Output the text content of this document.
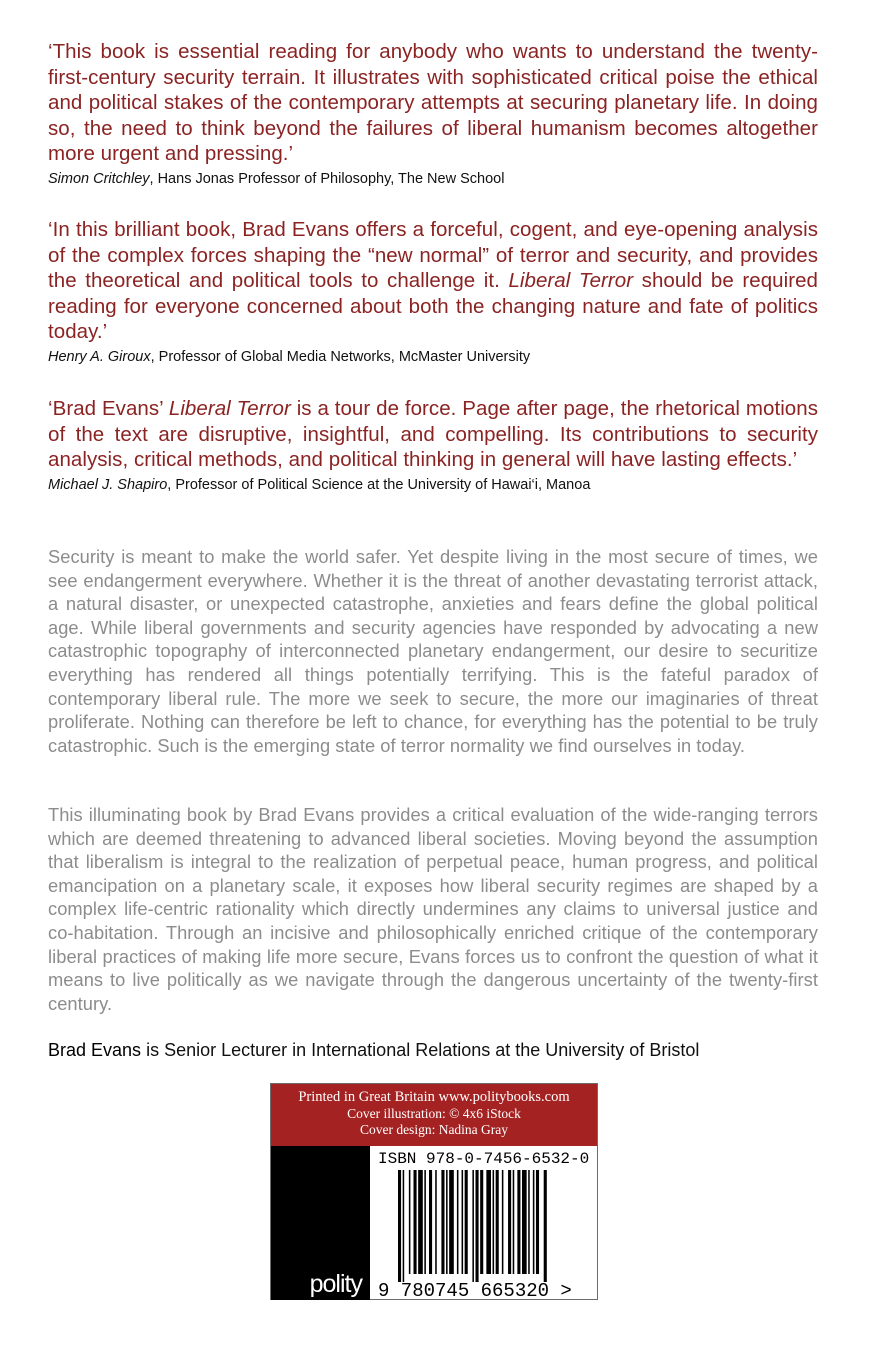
‘This book is essential reading for anybody who wants to understand the twenty-first-century security terrain. It illustrates with sophisticated critical poise the ethical and political stakes of the contemporary attempts at securing planetary life. In doing so, the need to think beyond the failures of liberal humanism becomes altogether more urgent and pressing.’

Simon Critchley, Hans Jonas Professor of Philosophy, The New School

‘In this brilliant book, Brad Evans offers a forceful, cogent, and eye-opening analysis of the complex forces shaping the “new normal” of terror and security, and provides the theoretical and political tools to challenge it. Liberal Terror should be required reading for everyone concerned about both the changing nature and fate of politics today.’

Henry A. Giroux, Professor of Global Media Networks, McMaster University

‘Brad Evans’ Liberal Terror is a tour de force. Page after page, the rhetorical motions of the text are disruptive, insightful, and compelling. Its contributions to security analysis, critical methods, and political thinking in general will have lasting effects.’

Michael J. Shapiro, Professor of Political Science at the University of Hawai‘i, Manoa

Security is meant to make the world safer. Yet despite living in the most secure of times, we see endangerment everywhere. Whether it is the threat of another devastating terrorist attack, a natural disaster, or unexpected catastrophe, anxieties and fears define the global political age. While liberal governments and security agencies have responded by advocating a new catastrophic topography of interconnected planetary endangerment, our desire to securitize everything has rendered all things potentially terrifying. This is the fateful paradox of contemporary liberal rule. The more we seek to secure, the more our imaginaries of threat proliferate. Nothing can therefore be left to chance, for everything has the potential to be truly catastrophic. Such is the emerging state of terror normality we find ourselves in today.

This illuminating book by Brad Evans provides a critical evaluation of the wide-ranging terrors which are deemed threatening to advanced liberal societies. Moving beyond the assumption that liberalism is integral to the realization of perpetual peace, human progress, and political emancipation on a planetary scale, it exposes how liberal security regimes are shaped by a complex life-centric rationality which directly undermines any claims to universal justice and co-habitation. Through an incisive and philosophically enriched critique of the contemporary liberal practices of making life more secure, Evans forces us to confront the question of what it means to live politically as we navigate through the dangerous uncertainty of the twenty-first century.

Brad Evans is Senior Lecturer in International Relations at the University of Bristol

Printed in Great Britain www.politybooks.com
Cover illustration: © 4x6 iStock
Cover design: Nadina Gray
polity
ISBN 978-0-7456-6532-0
9 780745 665320 >
